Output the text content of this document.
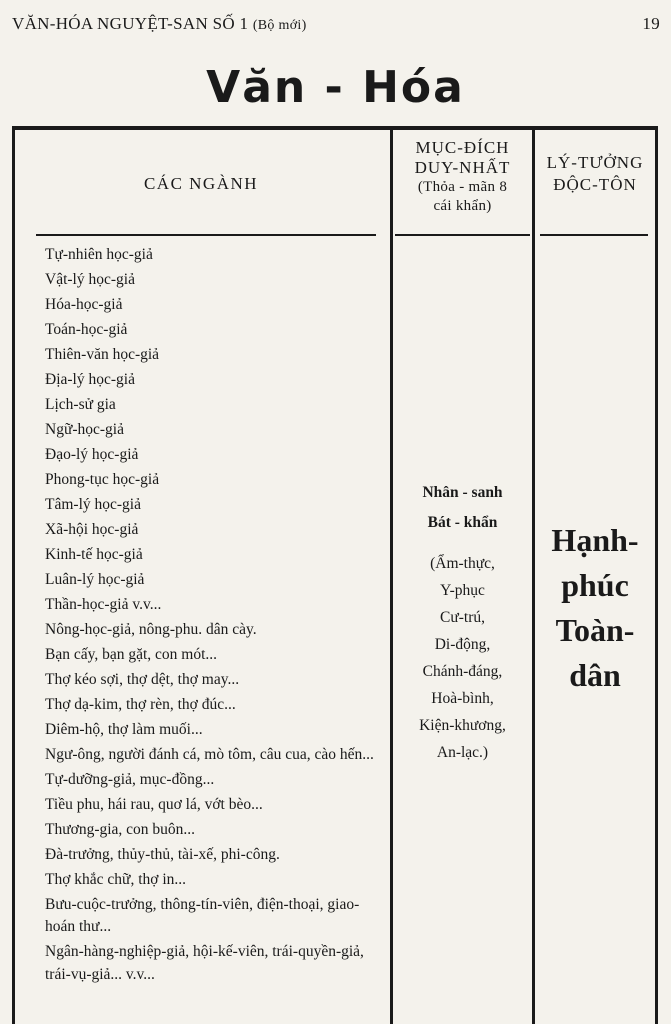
VĂN-HÓA NGUYỆT-SAN SỐ 1 (Bộ mới)	19
Văn - Hóa
CÁC NGÀNH
MỤC-ĐÍCH
DUY-NHẤT
(Thỏa - mãn 8
cái khẩn)
LÝ-TƯỞNG
ĐỘC-TÔN
Tự-nhiên học-giả
Vật-lý học-giả
Hóa-học-giả
Toán-học-giả
Thiên-văn học-giả
Địa-lý học-giả
Lịch-sử gia
Ngữ-học-giả
Đạo-lý học-giả
Phong-tục học-giả
Tâm-lý học-giả
Xã-hội học-giả
Kinh-tế học-giả
Luân-lý học-giả
Thần-học-giả v.v...
Nông-học-giả, nông-phu. dân cày.
Bạn cấy, bạn gặt, con mót...
Thợ kéo sợi, thợ dệt, thợ may...
Thợ dạ-kim, thợ rèn, thợ đúc...
Diêm-hộ, thợ làm muối...
Ngư-ông, người đánh cá, mò tôm, câu cua, cào hến...
Tự-dưỡng-giả, mục-đồng...
Tiều phu, hái rau, quơ lá, vớt bèo...
Thương-gia, con buôn...
Đà-trưởng, thủy-thủ, tài-xế, phi-công.
Thợ khắc chữ, thợ in...
Bưu-cuộc-trưởng, thông-tín-viên, điện-thoại, giao-hoán thư...
Ngân-hàng-nghiệp-giả, hội-kế-viên, trái-quyền-giả, trái-vụ-giả... v.v...
Nhân - sanh
Bát - khẩn
(Ẩm-thực,
Y-phục
Cư-trú,
Di-động,
Chánh-đáng,
Hoà-bình,
Kiện-khương,
An-lạc.)
Hạnh-
phúc
Toàn-
dân
